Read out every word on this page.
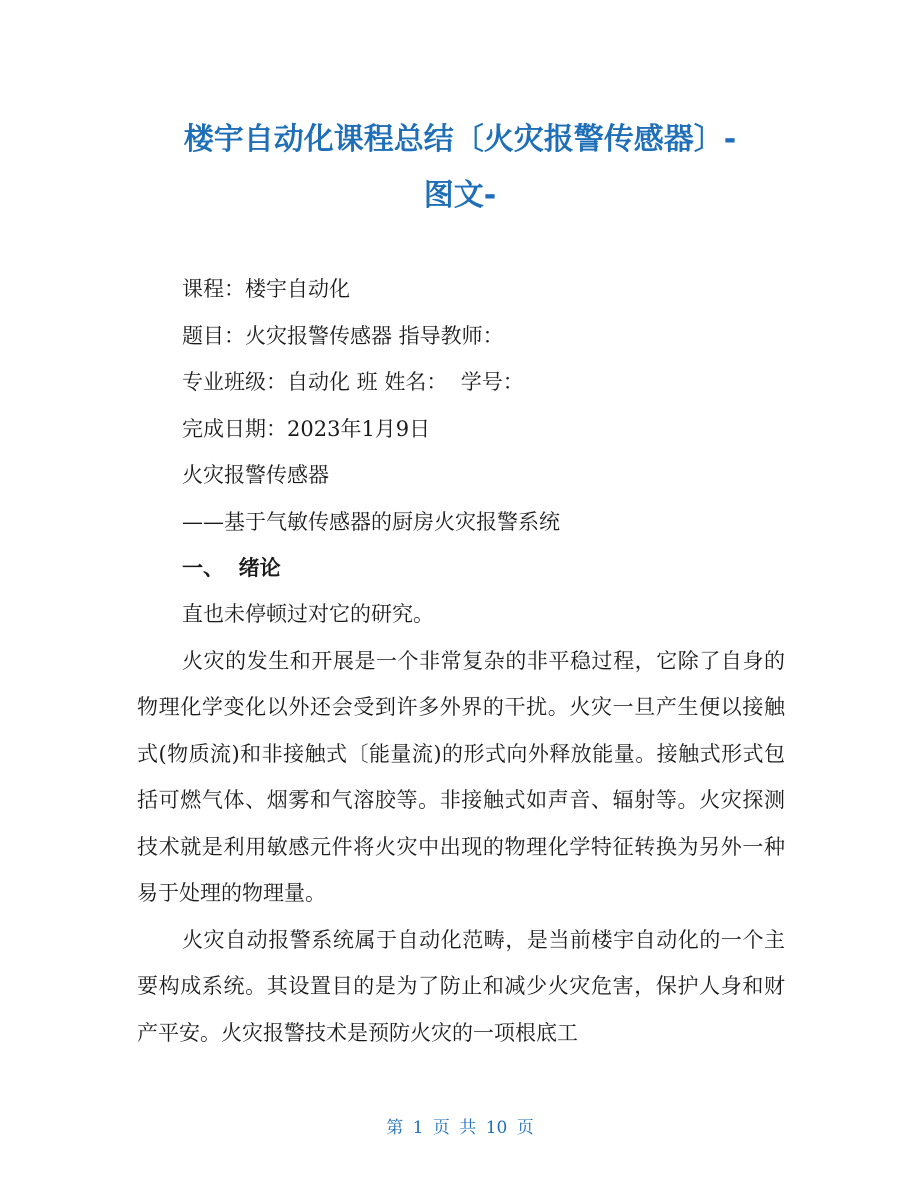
楼宇自动化课程总结〔火灾报警传感器〕-
图文-
课程：楼宇自动化
题目：火灾报警传感器 指导教师：
专业班级：自动化 班 姓名：  学号：
完成日期：2023年1月9日
火灾报警传感器
——基于气敏传感器的厨房火灾报警系统
一、  绪论

直也未停顿过对它的研究。

火灾的发生和开展是一个非常复杂的非平稳过程，它除了自身的物理化学变化以外还会受到许多外界的干扰。火灾一旦产生便以接触式(物质流)和非接触式〔能量流)的形式向外释放能量。接触式形式包括可燃气体、烟雾和气溶胶等。非接触式如声音、辐射等。火灾探测技术就是利用敏感元件将火灾中出现的物理化学特征转换为另外一种易于处理的物理量。

火灾自动报警系统属于自动化范畴，是当前楼宇自动化的一个主要构成系统。其设置目的是为了防止和减少火灾危害，保护人身和财产平安。火灾报警技术是预防火灾的一项根底工

第 1 页 共 10 页
